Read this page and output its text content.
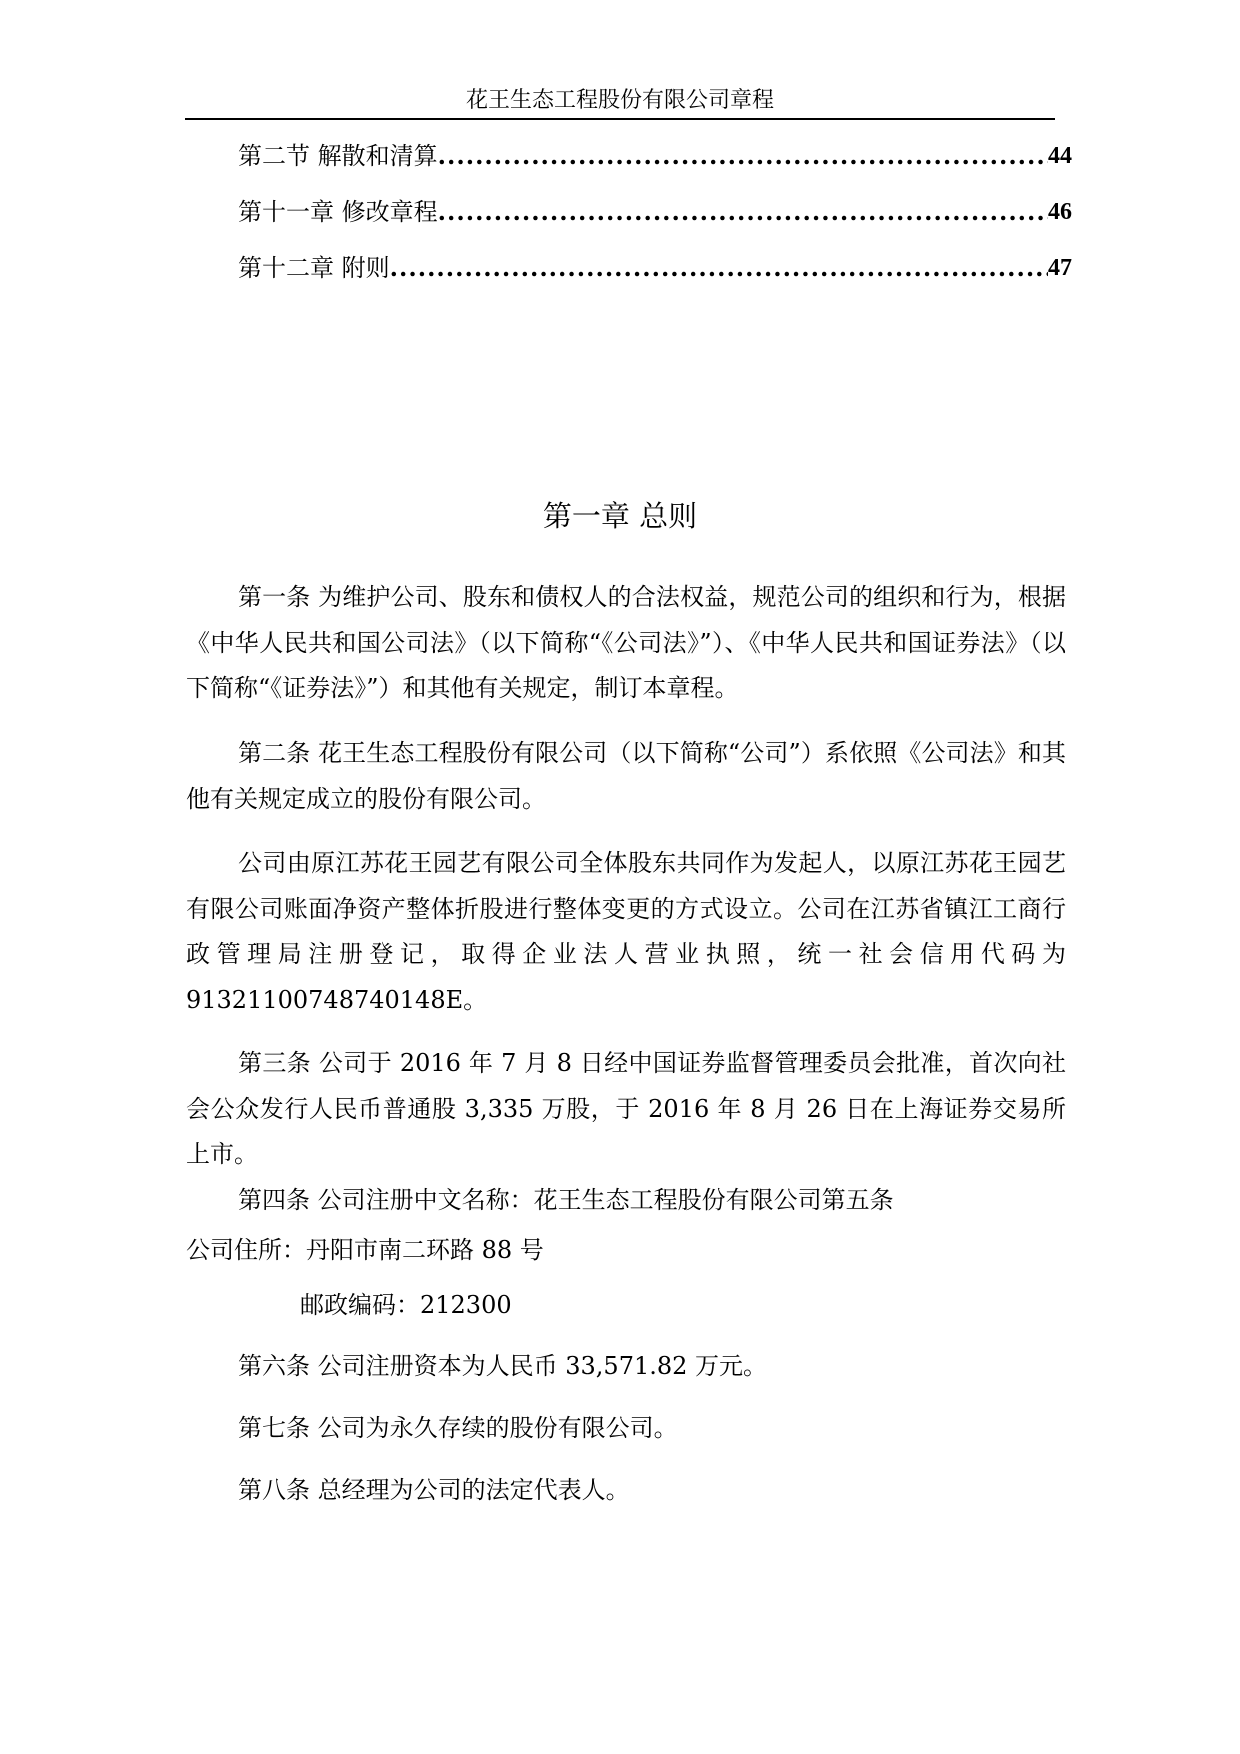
花王生态工程股份有限公司章程
第二节 解散和清算 .....	44
第十一章 修改章程 .....	46
第十二章 附则 .....	47
第一章 总则
第一条 为维护公司、股东和债权人的合法权益，规范公司的组织和行为，根据《中华人民共和国公司法》（以下简称“《公司法》”）、《中华人民共和国证券法》（以下简称“《证券法》”）和其他有关规定，制订本章程。
第二条 花王生态工程股份有限公司（以下简称“公司”）系依照《公司法》和其他有关规定成立的股份有限公司。
公司由原江苏花王园艺有限公司全体股东共同作为发起人，以原江苏花王园艺有限公司账面净资产整体折股进行整体变更的方式设立。公司在江苏省镇江工商行政管理局注册登记，取得企业法人营业执照，统一社会信用代码为 91321100748740148E。
第三条 公司于 2016 年 7 月 8 日经中国证券监督管理委员会批准，首次向社会公众发行人民币普通股 3,335 万股，于 2016 年 8 月 26 日在上海证券交易所上市。
第四条 公司注册中文名称：花王生态工程股份有限公司第五条
公司住所：丹阳市南二环路 88 号
邮政编码：212300
第六条 公司注册资本为人民币 33,571.82 万元。
第七条 公司为永久存续的股份有限公司。
第八条 总经理为公司的法定代表人。
